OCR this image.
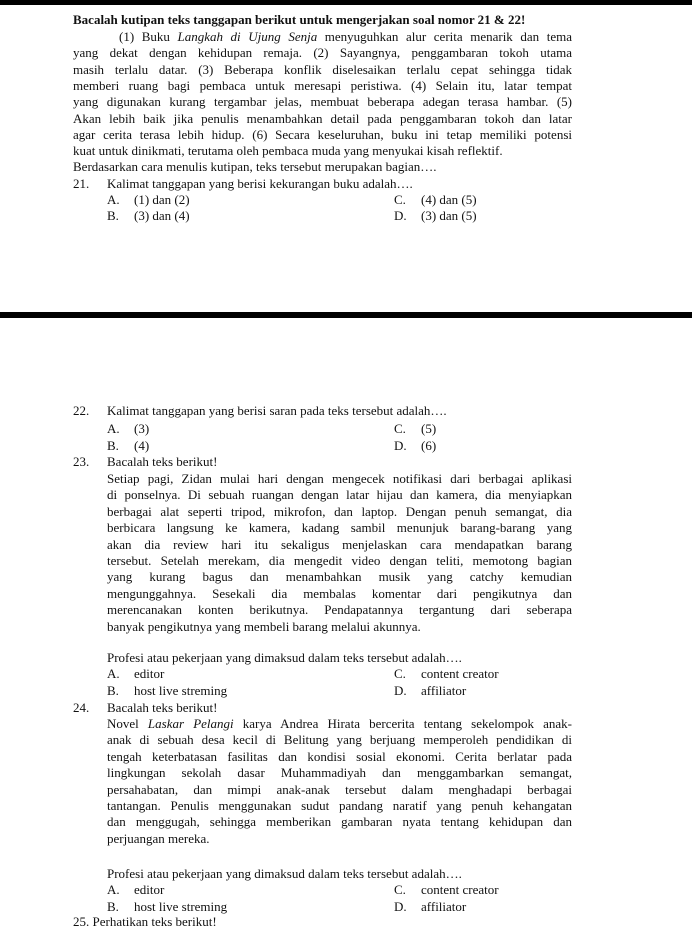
Bacalah kutipan teks tanggapan berikut untuk mengerjakan soal nomor 21 & 22!
(1) Buku Langkah di Ujung Senja menyuguhkan alur cerita menarik dan tema
yang dekat dengan kehidupan remaja. (2) Sayangnya, penggambaran tokoh utama
masih terlalu datar. (3) Beberapa konflik diselesaikan terlalu cepat sehingga tidak
memberi ruang bagi pembaca untuk meresapi peristiwa. (4) Selain itu, latar tempat
yang digunakan kurang tergambar jelas, membuat beberapa adegan terasa hambar. (5)
Akan lebih baik jika penulis menambahkan detail pada penggambaran tokoh dan latar
agar cerita terasa lebih hidup. (6) Secara keseluruhan, buku ini tetap memiliki potensi
kuat untuk dinikmati, terutama oleh pembaca muda yang menyukai kisah reflektif.
Berdasarkan cara menulis kutipan, teks tersebut merupakan bagian….
21. Kalimat tanggapan yang berisi kekurangan buku adalah….
A. (1) dan (2)
B. (3) dan (4)
C. (4) dan (5)
D. (3) dan (5)
22. Kalimat tanggapan yang berisi saran pada teks tersebut adalah….
A. (3)
B. (4)
C. (5)
D. (6)
23. Bacalah teks berikut!
Setiap pagi, Zidan mulai hari dengan mengecek notifikasi dari berbagai aplikasi
di ponselnya. Di sebuah ruangan dengan latar hijau dan kamera, dia menyiapkan
berbagai alat seperti tripod, mikrofon, dan laptop. Dengan penuh semangat, dia
berbicara langsung ke kamera, kadang sambil menunjuk barang-barang yang
akan dia review hari itu sekaligus menjelaskan cara mendapatkan barang
tersebut. Setelah merekam, dia mengedit video dengan teliti, memotong bagian
yang kurang bagus dan menambahkan musik yang catchy kemudian
mengunggahnya. Sesekali dia membalas komentar dari pengikutnya dan
merencanakan konten berikutnya. Pendapatannya tergantung dari seberapa
banyak pengikutnya yang membeli barang melalui akunnya.
Profesi atau pekerjaan yang dimaksud dalam teks tersebut adalah….
A. editor
B. host live streming
C. content creator
D. affiliator
24. Bacalah teks berikut!
Novel Laskar Pelangi karya Andrea Hirata bercerita tentang sekelompok anak-
anak di sebuah desa kecil di Belitung yang berjuang memperoleh pendidikan di
tengah keterbatasan fasilitas dan kondisi sosial ekonomi. Cerita berlatar pada
lingkungan sekolah dasar Muhammadiyah dan menggambarkan semangat,
persahabatan, dan mimpi anak-anak tersebut dalam menghadapi berbagai
tantangan. Penulis menggunakan sudut pandang naratif yang penuh kehangatan
dan menggugah, sehingga memberikan gambaran nyata tentang kehidupan dan
perjuangan mereka.
Profesi atau pekerjaan yang dimaksud dalam teks tersebut adalah….
A. editor
B. host live streming
C. content creator
D. affiliator
25. Perhatikan teks berikut!
